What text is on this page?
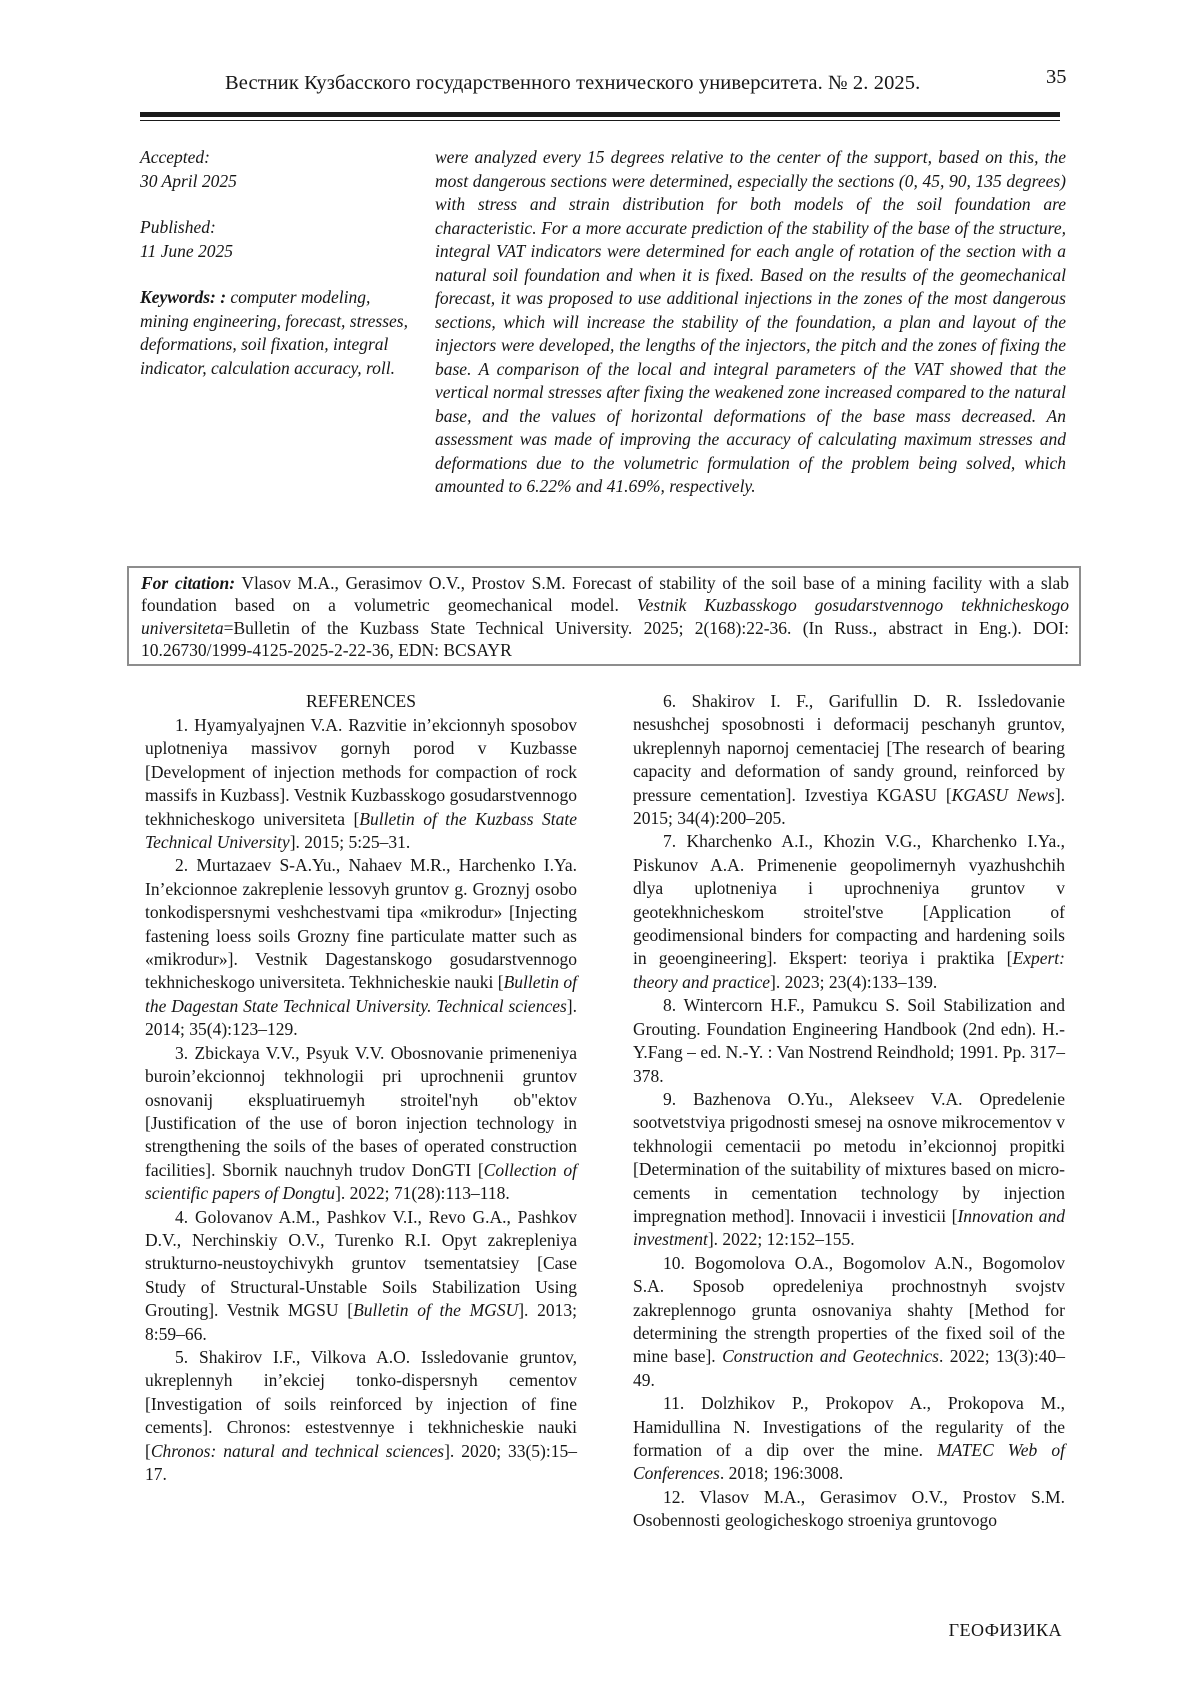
Вестник Кузбасского государственного технического университета. № 2. 2025.	35

Accepted:
30 April 2025

Published:
11 June 2025

Keywords: : computer modeling, mining engineering, forecast, stresses, deformations, soil fixation, integral indicator, calculation accuracy, roll.

were analyzed every 15 degrees relative to the center of the support, based on this, the most dangerous sections were determined, especially the sections (0, 45, 90, 135 degrees) with stress and strain distribution for both models of the soil foundation are characteristic. For a more accurate prediction of the stability of the base of the structure, integral VAT indicators were determined for each angle of rotation of the section with a natural soil foundation and when it is fixed. Based on the results of the geomechanical forecast, it was proposed to use additional injections in the zones of the most dangerous sections, which will increase the stability of the foundation, a plan and layout of the injectors were developed, the lengths of the injectors, the pitch and the zones of fixing the base. A comparison of the local and integral parameters of the VAT showed that the vertical normal stresses after fixing the weakened zone increased compared to the natural base, and the values of horizontal deformations of the base mass decreased. An assessment was made of improving the accuracy of calculating maximum stresses and deformations due to the volumetric formulation of the problem being solved, which amounted to 6.22% and 41.69%, respectively.
For citation: Vlasov M.A., Gerasimov O.V., Prostov S.M. Forecast of stability of the soil base of a mining facility with a slab foundation based on a volumetric geomechanical model. Vestnik Kuzbasskogo gosudarstvennogo tekhnicheskogo universiteta=Bulletin of the Kuzbass State Technical University. 2025; 2(168):22-36. (In Russ., abstract in Eng.). DOI: 10.26730/1999-4125-2025-2-22-36, EDN: BCSAYR
REFERENCES

1. Hyamyalyajnen V.A. Razvitie in’ekcionnyh sposobov uplotneniya massivov gornyh porod v Kuzbasse [Development of injection methods for compaction of rock massifs in Kuzbass]. Vestnik Kuzbasskogo gosudarstvennogo tekhnicheskogo universiteta [Bulletin of the Kuzbass State Technical University]. 2015; 5:25–31.

2. Murtazaev S-A.Yu., Nahaev M.R., Harchenko I.Ya. In’ekcionnoe zakreplenie lessovyh gruntov g. Groznyj osobo tonkodispersnymi veshchestvami tipa «mikrodur» [Injecting fastening loess soils Grozny fine particulate matter such as «mikrodur»]. Vestnik Dagestanskogo gosudarstvennogo tekhnicheskogo universiteta. Tekhnicheskie nauki [Bulletin of the Dagestan State Technical University. Technical sciences]. 2014; 35(4):123–129.

3. Zbickaya V.V., Psyuk V.V. Obosnovanie primeneniya buroin’ekcionnoj tekhnologii pri uprochnenii gruntov osnovanij ekspluatiruemyh stroitel'nyh ob"ektov [Justification of the use of boron injection technology in strengthening the soils of the bases of operated construction facilities]. Sbornik nauchnyh trudov DonGTI [Collection of scientific papers of Dongtu]. 2022; 71(28):113–118.

4. Golovanov A.M., Pashkov V.I., Revo G.A., Pashkov D.V., Nerchinskiy O.V., Turenko R.I. Opyt zakrepleniya strukturno-neustoychivykh gruntov tsementatsiey [Case Study of Structural-Unstable Soils Stabilization Using Grouting]. Vestnik MGSU [Bulletin of the MGSU]. 2013; 8:59–66.

5. Shakirov I.F., Vilkova A.O. Issledovanie gruntov, ukreplennyh in’ekciej tonko-dispersnyh cementov [Investigation of soils reinforced by injection of fine cements]. Chronos: estestvennye i tekhnicheskie nauki [Chronos: natural and technical sciences]. 2020; 33(5):15–17.

6. Shakirov I. F., Garifullin D. R. Issledovanie nesushchej sposobnosti i deformacij peschanyh gruntov, ukreplennyh napornoj cementaciej [The research of bearing capacity and deformation of sandy ground, reinforced by pressure cementation]. Izvestiya KGASU [KGASU News]. 2015; 34(4):200–205.

7. Kharchenko A.I., Khozin V.G., Kharchenko I.Ya., Piskunov A.A. Primenenie geopolimernyh vyazhushchih dlya uplotneniya i uprochneniya gruntov v geotekhnicheskom stroitel'stve [Application of geodimensional binders for compacting and hardening soils in geoengineering]. Ekspert: teoriya i praktika [Expert: theory and practice]. 2023; 23(4):133–139.

8. Wintercorn H.F., Pamukcu S. Soil Stabilization and Grouting. Foundation Engineering Handbook (2nd edn). H.-Y.Fang – ed. N.-Y. : Van Nostrend Reindhold; 1991. Pp. 317–378.

9. Bazhenova O.Yu., Alekseev V.A. Opredelenie sootvetstviya prigodnosti smesej na osnove mikrocementov v tekhnologii cementacii po metodu in’ekcionnoj propitki [Determination of the suitability of mixtures based on micro-cements in cementation technology by injection impregnation method]. Innovacii i investicii [Innovation and investment]. 2022; 12:152–155.

10. Bogomolova O.A., Bogomolov A.N., Bogomolov S.A. Sposob opredeleniya prochnostnyh svojstv zakreplennogo grunta osnovaniya shahty [Method for determining the strength properties of the fixed soil of the mine base]. Construction and Geotechnics. 2022; 13(3):40–49.

11. Dolzhikov P., Prokopov A., Prokopova M., Hamidullina N. Investigations of the regularity of the formation of a dip over the mine. MATEC Web of Conferences. 2018; 196:3008.

12. Vlasov M.A., Gerasimov O.V., Prostov S.M. Osobennosti geologicheskogo stroeniya gruntovogo

ГЕОФИЗИКА
